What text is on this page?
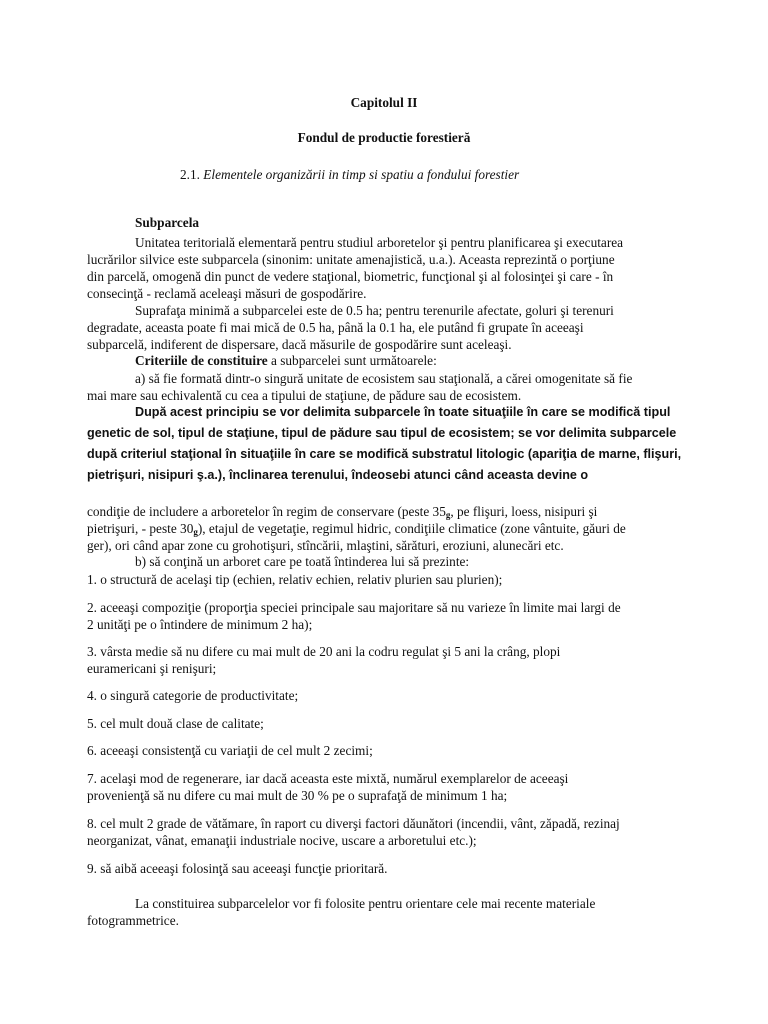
Capitolul II

Fondul de productie forestieră

2.1. Elementele organizării in timp si spatiu a fondului forestier

Subparcela

Unitatea teritorială elementară pentru studiul arboretelor şi pentru planificarea şi executarea

lucrărilor silvice este subparcela (sinonim: unitate amenajistică, u.a.). Aceasta reprezintă o porţiune

din parcelă, omogenă din punct de vedere staţional, biometric, funcţional şi al folosinţei şi care - în

consecinţă - reclamă aceleaşi măsuri de gospodărire.

Suprafaţa minimă a subparcelei este de 0.5 ha; pentru terenurile afectate, goluri şi terenuri

degradate, aceasta poate fi mai mică de 0.5 ha, până la 0.1 ha, ele putând fi grupate în aceeaşi

subparcelă, indiferent de dispersare, dacă măsurile de gospodărire sunt aceleaşi.

Criteriile de constituire a subparcelei sunt următoarele:

a) să fie formată dintr-o singură unitate de ecosistem sau staţională, a cărei omogenitate să fie

mai mare sau echivalentă cu cea a tipului de staţiune, de pădure sau de ecosistem.

După acest principiu se vor delimita subparcele în toate situaţiile în care se modifică tipul

genetic de sol, tipul de staţiune, tipul de pădure sau tipul de ecosistem; se vor delimita subparcele

după criteriul staţional în situaţiile în care se modifică substratul litologic (apariţia de marne, flişuri,

pietrişuri, nisipuri ş.a.), înclinarea terenului, îndeosebi atunci când aceasta devine o

condiţie de includere a arboretelor în regim de conservare (peste $35_g$, pe flişuri, loess, nisipuri şi

pietrişuri, - peste $30_g$), etajul de vegetaţie, regimul hidric, condiţiile climatice (zone vântuite, găuri de

ger), ori când apar zone cu grohotişuri, stîncării, mlaştini, sărături, eroziuni, alunecări etc.

b) să conţină un arboret care pe toată întinderea lui să prezinte:

1. o structură de acelaşi tip (echien, relativ echien, relativ plurien sau plurien);

2. aceeaşi compoziţie (proporţia speciei principale sau majoritare să nu varieze în limite mai largi de

2 unităţi pe o întindere de minimum 2 ha);

3. vârsta medie să nu difere cu mai mult de 20 ani la codru regulat şi 5 ani la crâng, plopi

euramericani şi renişuri;

4. o singură categorie de productivitate;

5. cel mult două clase de calitate;

6. aceeaşi consistenţă cu variaţii de cel mult 2 zecimi;

7. acelaşi mod de regenerare, iar dacă aceasta este mixtă, numărul exemplarelor de aceeaşi

provenienţă să nu difere cu mai mult de 30 % pe o suprafaţă de minimum 1 ha;

8. cel mult 2 grade de vătămare, în raport cu diverşi factori dăunători (incendii, vânt, zăpadă, rezinaj

neorganizat, vânat, emanaţii industriale nocive, uscare a arboretului etc.);

9. să aibă aceeaşi folosinţă sau aceeaşi funcţie prioritară.

La constituirea subparcelelor vor fi folosite pentru orientare cele mai recente materiale

fotogrammetrice.
